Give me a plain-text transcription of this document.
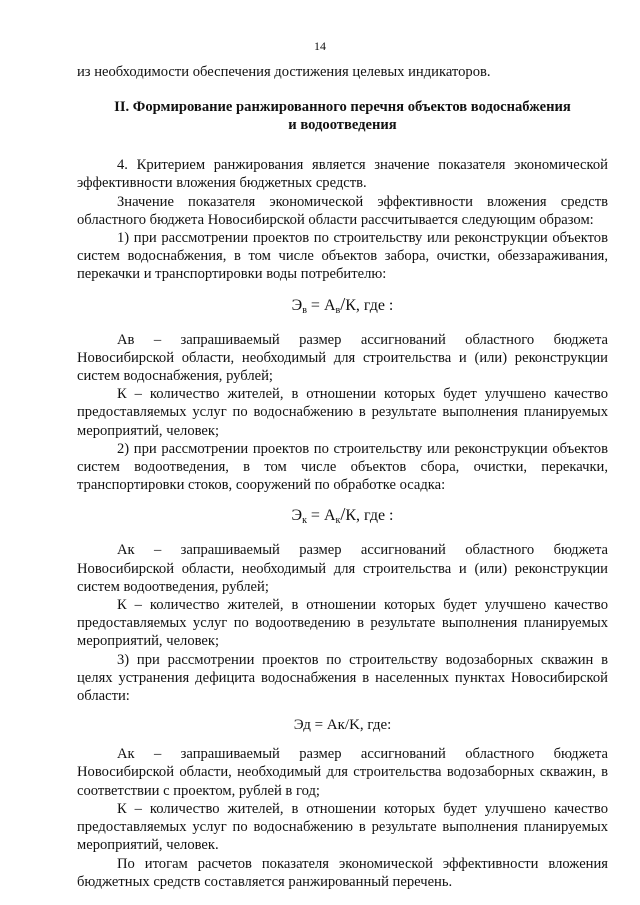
14

из необходимости обеспечения достижения целевых индикаторов.

II. Формирование ранжированного перечня объектов водоснабжения
и водоотведения

4. Критерием ранжирования является значение показателя экономической эффективности вложения бюджетных средств.

Значение показателя экономической эффективности вложения средств областного бюджета Новосибирской области рассчитывается следующим образом:

1) при рассмотрении проектов по строительству или реконструкции объектов систем водоснабжения, в том числе объектов забора, очистки, обеззараживания, перекачки и транспортировки воды потребителю:

$Э_в = А_в/К$, где :

Aв – запрашиваемый размер ассигнований областного бюджета Новосибирской области, необходимый для строительства и (или) реконструкции систем водоснабжения, рублей;

К – количество жителей, в отношении которых будет улучшено качество предоставляемых услуг по водоснабжению в результате выполнения планируемых мероприятий, человек;

2) при рассмотрении проектов по строительству или реконструкции объектов систем водоотведения, в том числе объектов сбора, очистки, перекачки, транспортировки стоков, сооружений по обработке осадка:

$Э_к = А_к/К$, где :

Aк – запрашиваемый размер ассигнований областного бюджета Новосибирской области, необходимый для строительства и (или) реконструкции систем водоотведения, рублей;

К – количество жителей, в отношении которых будет улучшено качество предоставляемых услуг по водоотведению в результате выполнения планируемых мероприятий, человек;

3) при рассмотрении проектов по строительству водозаборных скважин в целях устранения дефицита водоснабжения в населенных пунктах Новосибирской области:

Эд = Aк/K, где:

Aк – запрашиваемый размер ассигнований областного бюджета Новосибирской области, необходимый для строительства водозаборных скважин, в соответствии с проектом, рублей в год;

К – количество жителей, в отношении которых будет улучшено качество предоставляемых услуг по водоснабжению в результате выполнения планируемых мероприятий, человек.

По итогам расчетов показателя экономической эффективности вложения бюджетных средств составляется ранжированный перечень.
